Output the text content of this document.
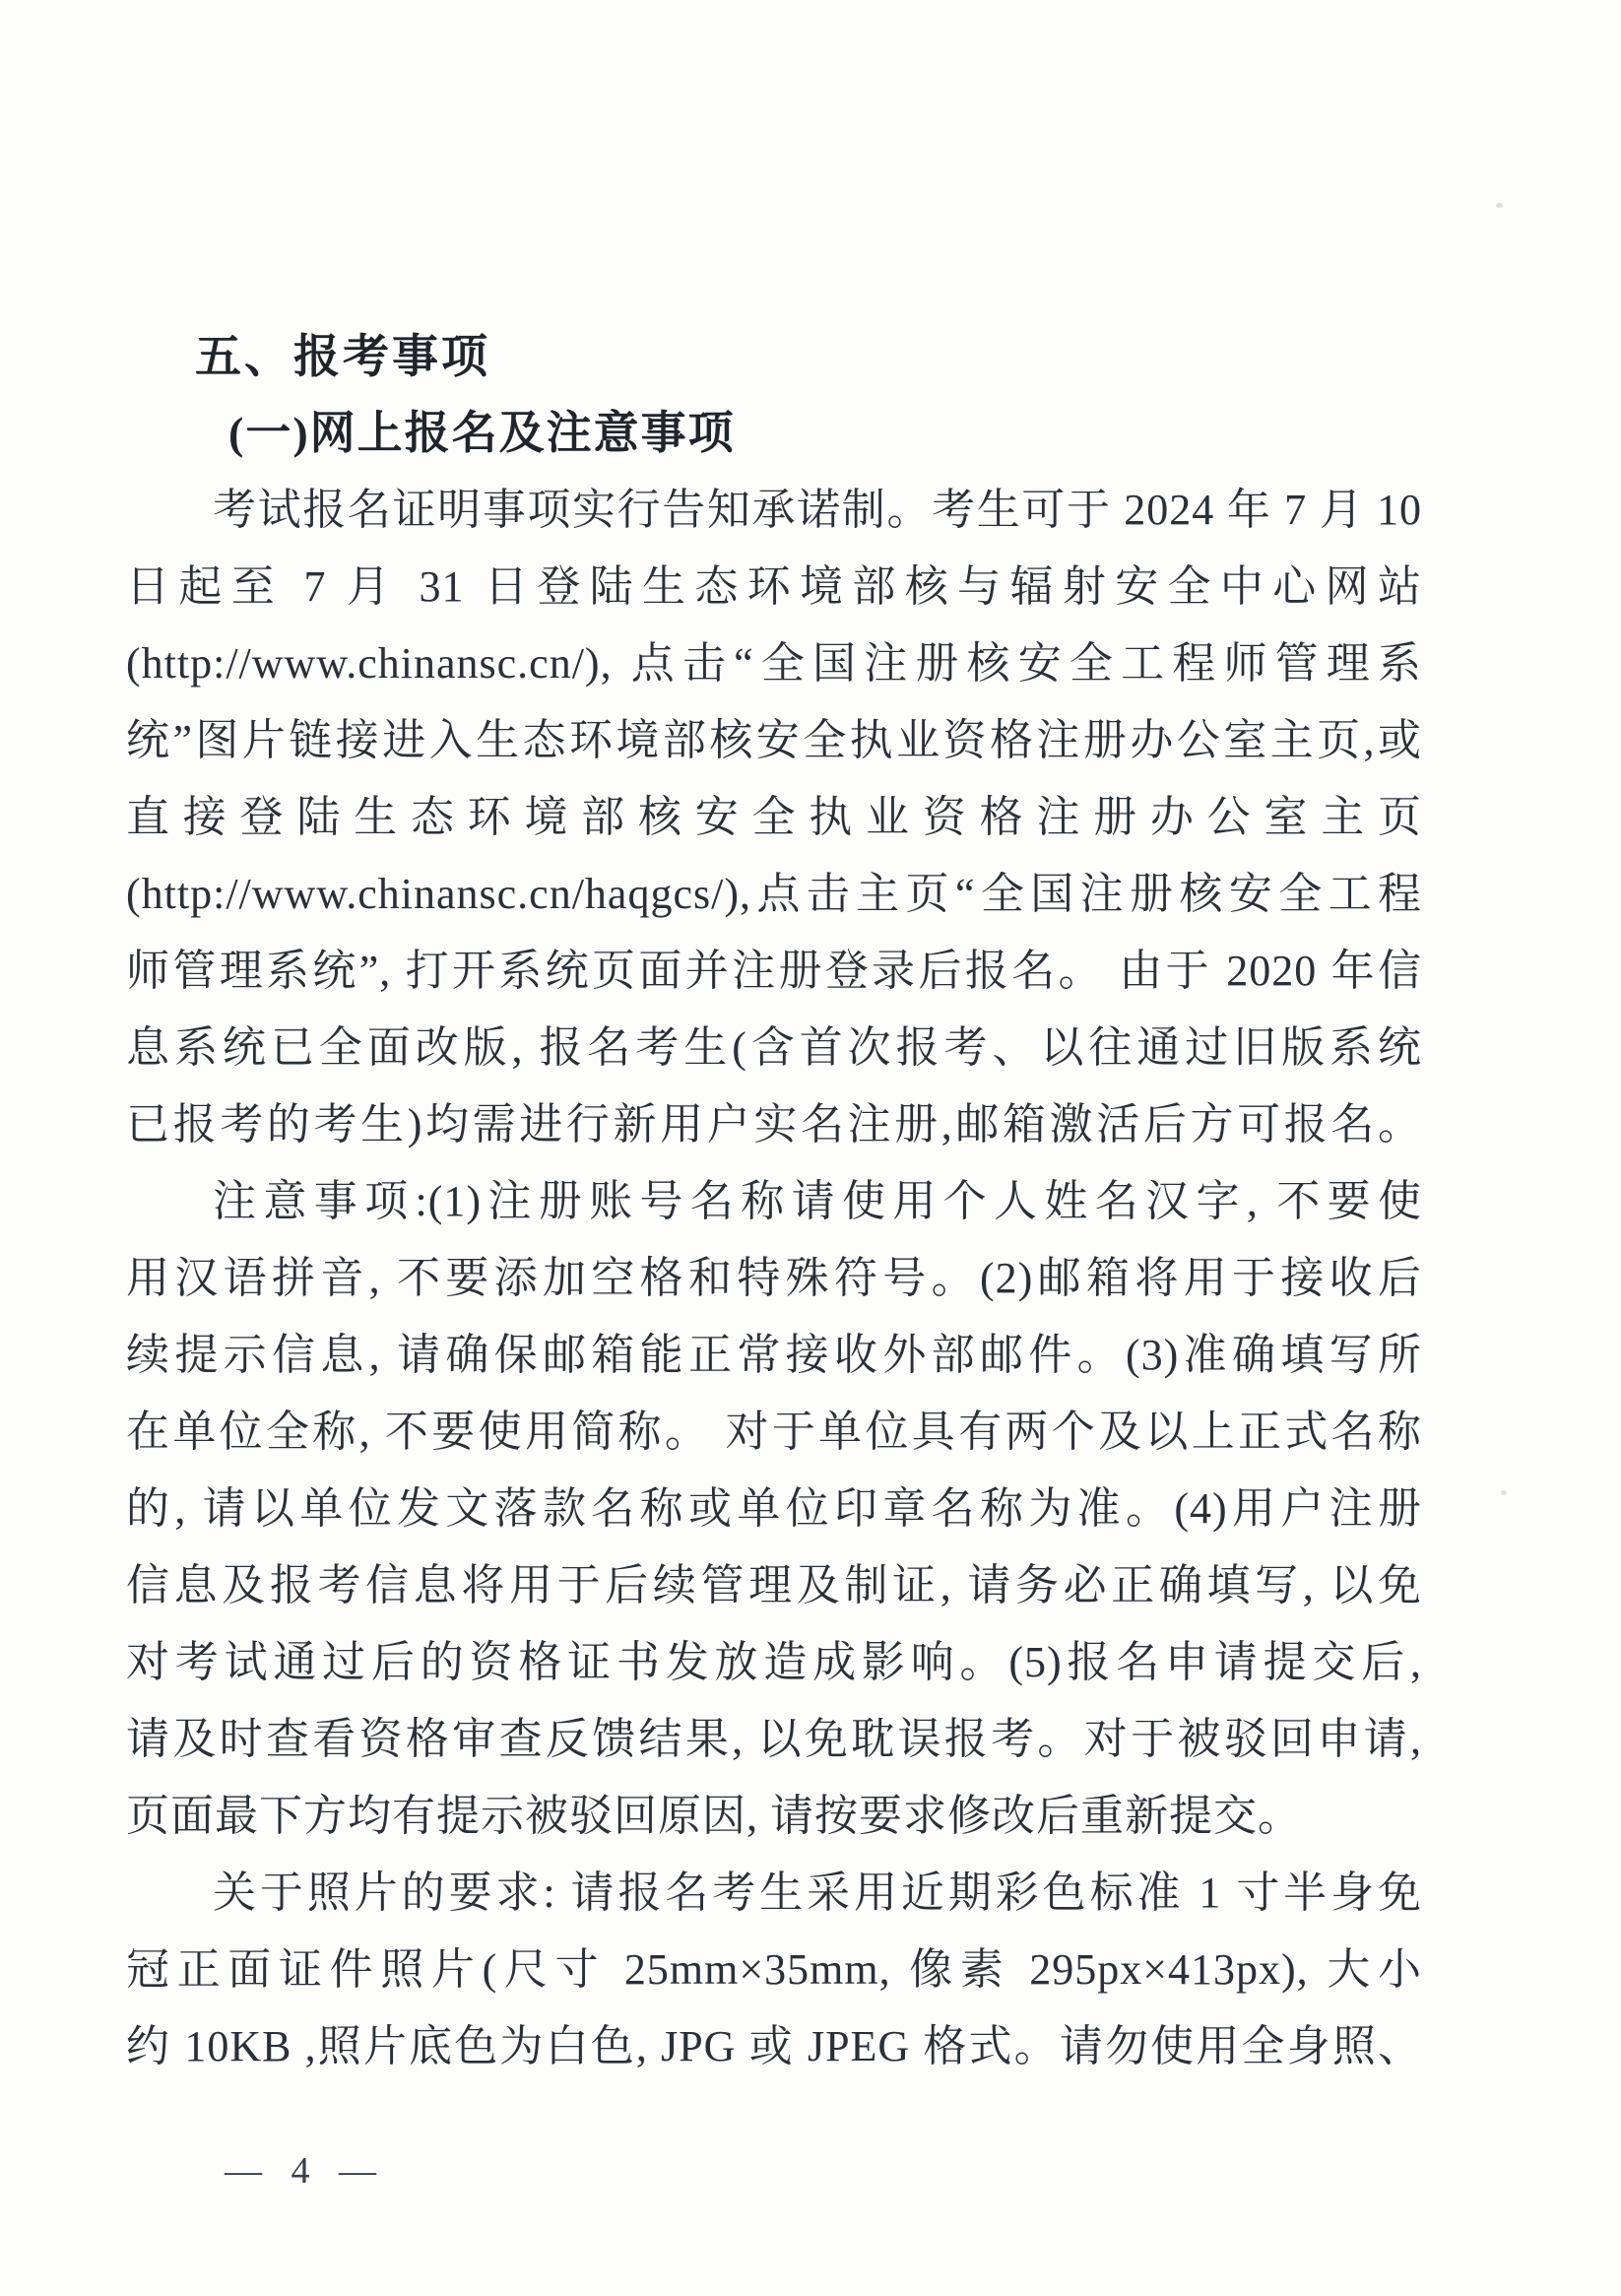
五、报考事项
(一)网上报名及注意事项
考试报名证明事项实行告知承诺制。考生可于 2024 年 7 月 10
日起至 7 月 31 日登陆生态环境部核与辐射安全中心网站
(http://www.chinansc.cn/), 点击“全国注册核安全工程师管理系
统”图片链接进入生态环境部核安全执业资格注册办公室主页,或
直接登陆生态环境部核安全执业资格注册办公室主页
(http://www.chinansc.cn/haqgcs/),点击主页“全国注册核安全工程
师管理系统”, 打开系统页面并注册登录后报名。 由于 2020 年信
息系统已全面改版, 报名考生(含首次报考、以往通过旧版系统
已报考的考生)均需进行新用户实名注册,邮箱激活后方可报名。
注意事项:(1)注册账号名称请使用个人姓名汉字, 不要使
用汉语拼音, 不要添加空格和特殊符号。(2)邮箱将用于接收后
续提示信息, 请确保邮箱能正常接收外部邮件。(3)准确填写所
在单位全称, 不要使用简称。 对于单位具有两个及以上正式名称
的, 请以单位发文落款名称或单位印章名称为准。(4)用户注册
信息及报考信息将用于后续管理及制证, 请务必正确填写, 以免
对考试通过后的资格证书发放造成影响。(5)报名申请提交后,
请及时查看资格审查反馈结果, 以免耽误报考。对于被驳回申请,
页面最下方均有提示被驳回原因, 请按要求修改后重新提交。
关于照片的要求: 请报名考生采用近期彩色标准 1 寸半身免
冠正面证件照片(尺寸 25mm×35mm, 像素 295px×413px), 大小
约 10KB ,照片底色为白色, JPG 或 JPEG 格式。请勿使用全身照、
— 4 —
